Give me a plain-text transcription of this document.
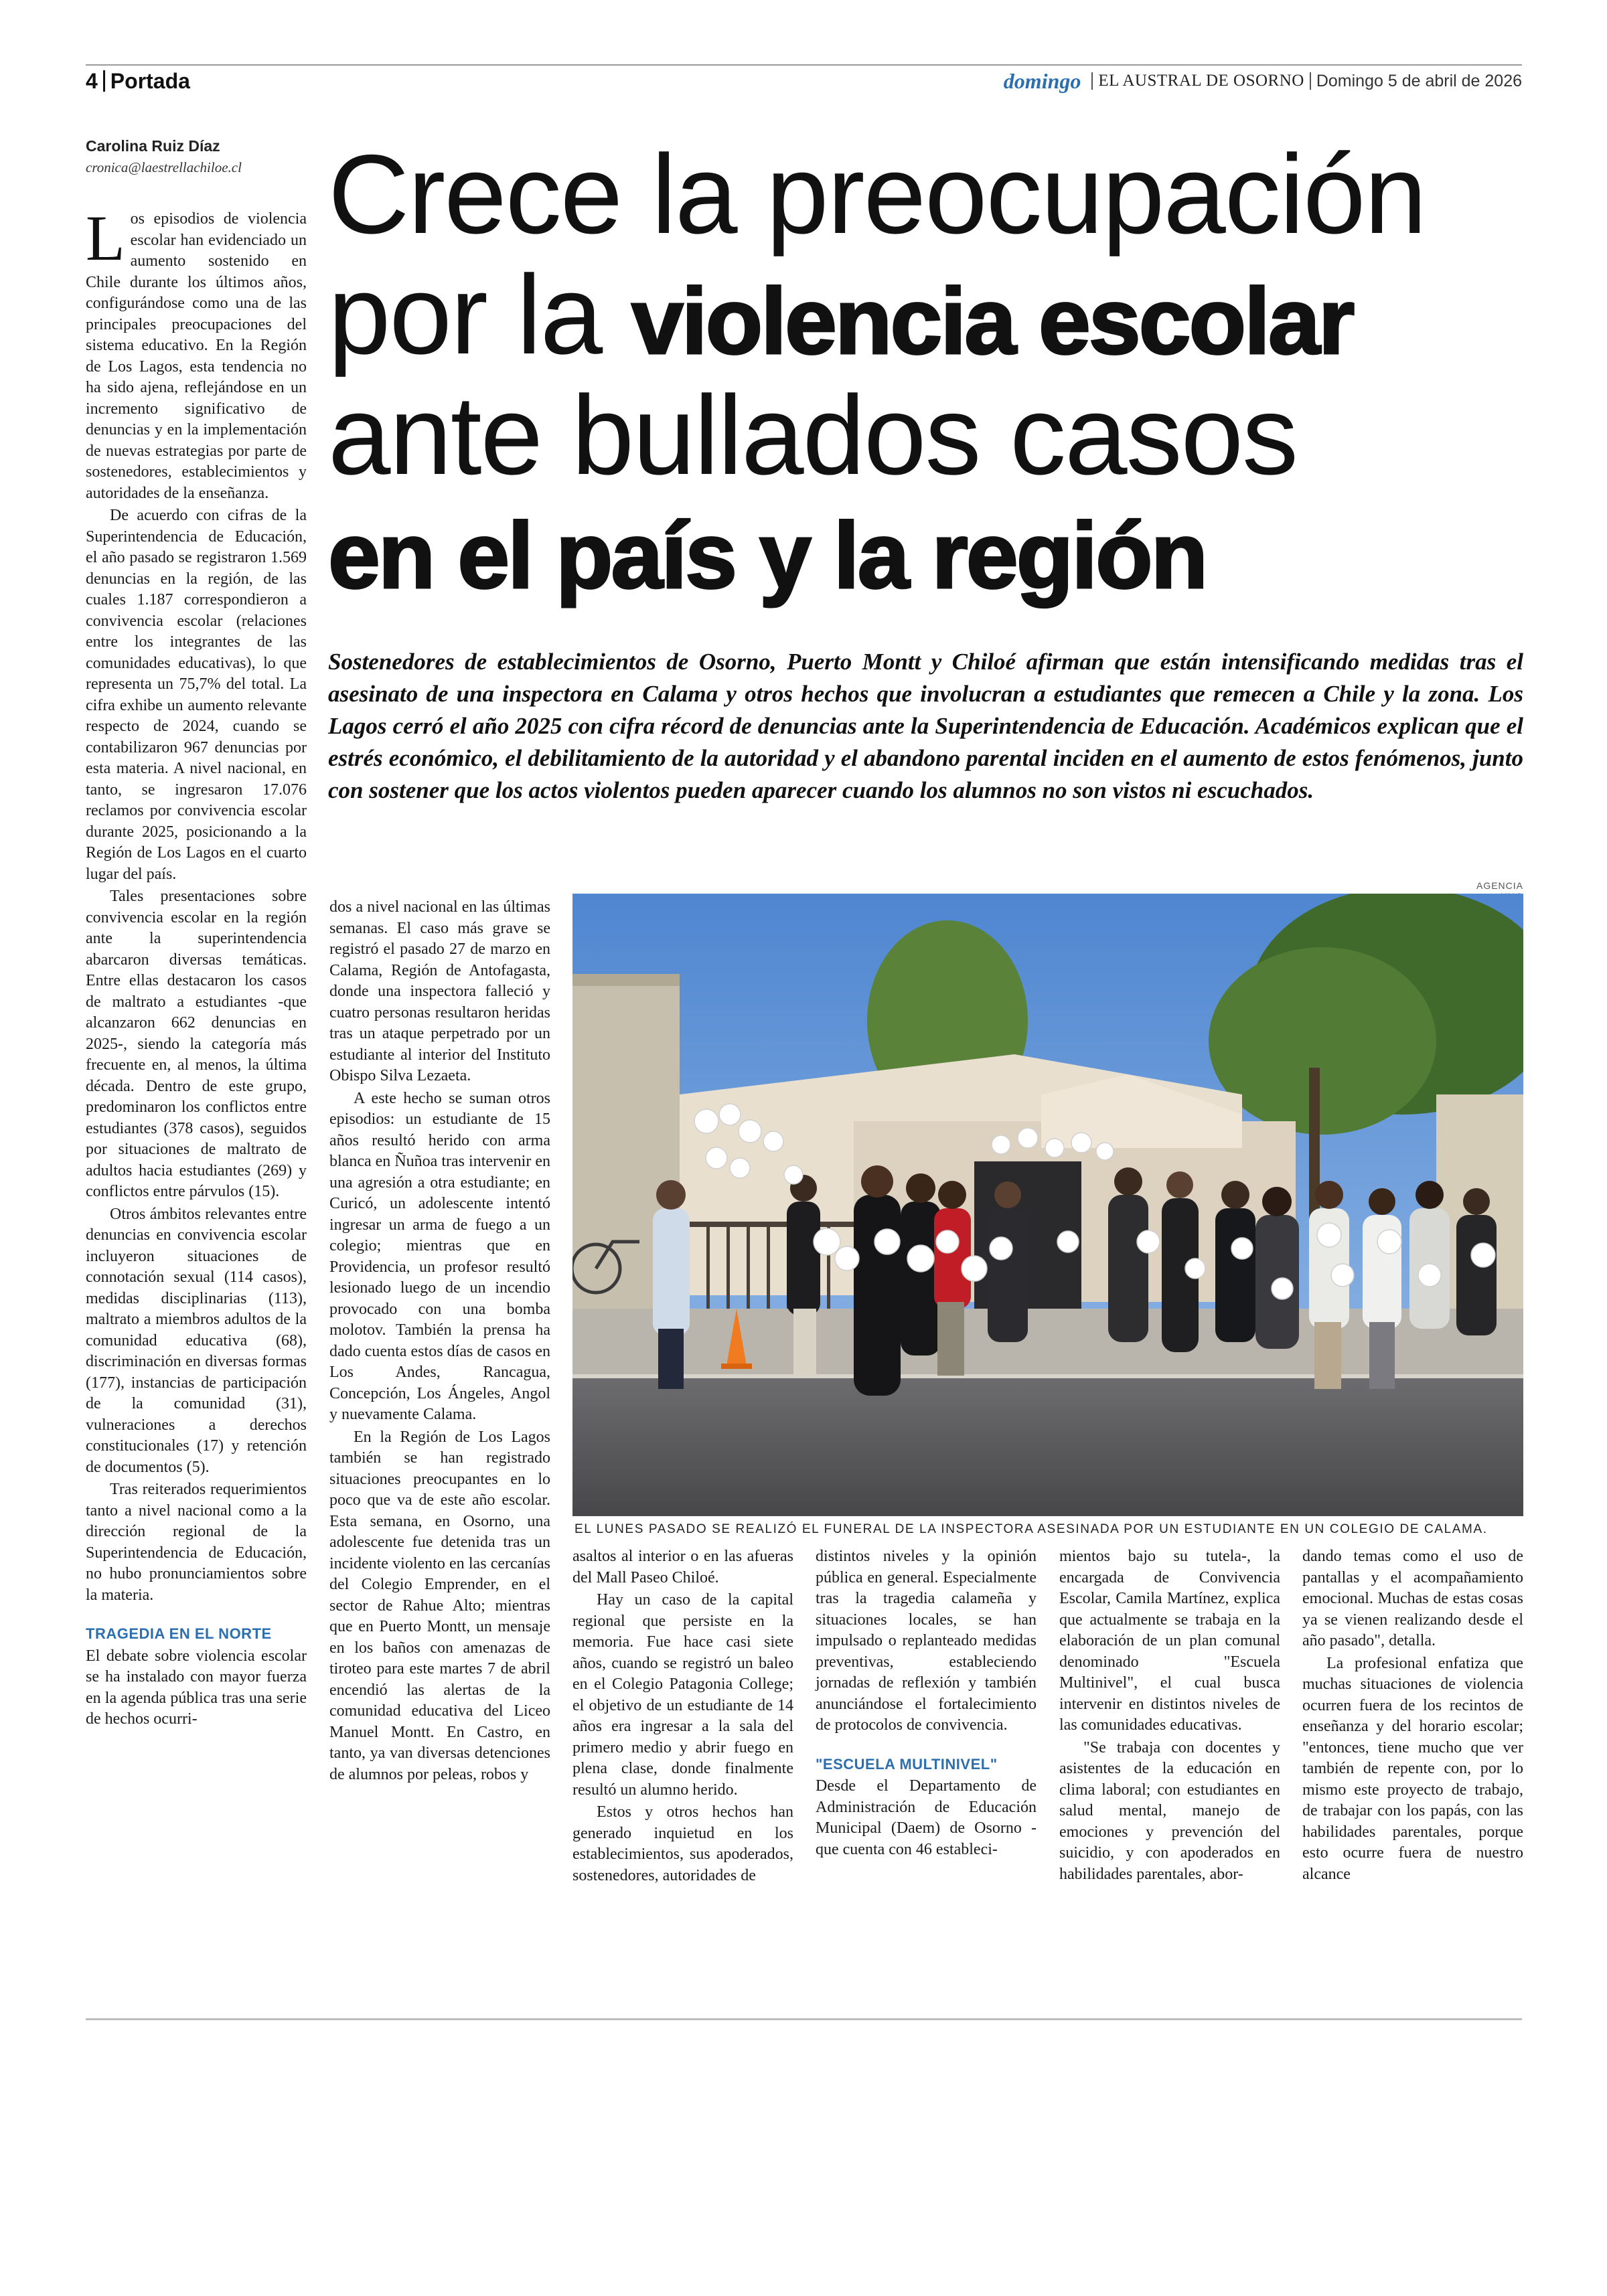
4 Portada	domingo EL AUSTRAL DE OSORNO Domingo 5 de abril de 2026
Carolina Ruiz Díaz
cronica@laestrellachiloe.cl Crece la preocupación
por la violencia escolar
ante bullados casos
en el país y la región

Sostenedores de establecimientos de Osorno, Puerto Montt y Chiloé afirman que están intensificando medidas tras el asesinato de una inspectora en Calama y otros hechos que involucran a estudiantes que remecen a Chile y la zona. Los Lagos cerró el año 2025 con cifra récord de denuncias ante la Superintendencia de Educación. Académicos explican que el estrés económico, el debilitamiento de la autoridad y el abandono parental inciden en el aumento de estos fenómenos, junto con sostener que los actos violentos pueden aparecer cuando los alumnos no son vistos ni escuchados.

AGENCIA
EL LUNES PASADO SE REALIZÓ EL FUNERAL DE LA INSPECTORA ASESINADA POR UN ESTUDIANTE EN UN COLEGIO DE CALAMA.

Los episodios de violencia escolar han evidenciado un aumento sostenido en Chile durante los últimos años, configurándose como una de las principales preocupaciones del sistema educativo. En la Región de Los Lagos, esta tendencia no ha sido ajena, reflejándose en un incremento significativo de denuncias y en la implementación de nuevas estrategias por parte de sostenedores, establecimientos y autoridades de la enseñanza.

De acuerdo con cifras de la Superintendencia de Educación, el año pasado se registraron 1.569 denuncias en la región, de las cuales 1.187 correspondieron a convivencia escolar (relaciones entre los integrantes de las comunidades educativas), lo que representa un 75,7% del total. La cifra exhibe un aumento relevante respecto de 2024, cuando se contabilizaron 967 denuncias por esta materia. A nivel nacional, en tanto, se ingresaron 17.076 reclamos por convivencia escolar durante 2025, posicionando a la Región de Los Lagos en el cuarto lugar del país.

Tales presentaciones sobre convivencia escolar en la región ante la superintendencia abarcaron diversas temáticas. Entre ellas destacaron los casos de maltrato a estudiantes -que alcanzaron 662 denuncias en 2025-, siendo la categoría más frecuente en, al menos, la última década. Dentro de este grupo, predominaron los conflictos entre estudiantes (378 casos), seguidos por situaciones de maltrato de adultos hacia estudiantes (269) y conflictos entre párvulos (15).

Otros ámbitos relevantes entre denuncias en convivencia escolar incluyeron situaciones de connotación sexual (114 casos), medidas disciplinarias (113), maltrato a miembros adultos de la comunidad educativa (68), discriminación en diversas formas (177), instancias de participación de la comunidad (31), vulneraciones a derechos constitucionales (17) y retención de documentos (5).

Tras reiterados requerimientos tanto a nivel nacional como a la dirección regional de la Superintendencia de Educación, no hubo pronunciamientos sobre la materia.

TRAGEDIA EN EL NORTE

El debate sobre violencia escolar se ha instalado con mayor fuerza en la agenda pública tras una serie de hechos ocurri-

dos a nivel nacional en las últimas semanas. El caso más grave se registró el pasado 27 de marzo en Calama, Región de Antofagasta, donde una inspectora falleció y cuatro personas resultaron heridas tras un ataque perpetrado por un estudiante al interior del Instituto Obispo Silva Lezaeta.

A este hecho se suman otros episodios: un estudiante de 15 años resultó herido con arma blanca en Ñuñoa tras intervenir en una agresión a otra estudiante; en Curicó, un adolescente intentó ingresar un arma de fuego a un colegio; mientras que en Providencia, un profesor resultó lesionado luego de un incendio provocado con una bomba molotov. También la prensa ha dado cuenta estos días de casos en Los Andes, Rancagua, Concepción, Los Ángeles, Angol y nuevamente Calama.

En la Región de Los Lagos también se han registrado situaciones preocupantes en lo poco que va de este año escolar. Esta semana, en Osorno, una adolescente fue detenida tras un incidente violento en las cercanías del Colegio Emprender, en el sector de Rahue Alto; mientras que en Puerto Montt, un mensaje en los baños con amenazas de tiroteo para este martes 7 de abril encendió las alertas de la comunidad educativa del Liceo Manuel Montt. En Castro, en tanto, ya van diversas detenciones de alumnos por peleas, robos y

asaltos al interior o en las afueras del Mall Paseo Chiloé.

Hay un caso de la capital regional que persiste en la memoria. Fue hace casi siete años, cuando se registró un baleo en el Colegio Patagonia College; el objetivo de un estudiante de 14 años era ingresar a la sala del primero medio y abrir fuego en plena clase, donde finalmente resultó un alumno herido.

Estos y otros hechos han generado inquietud en los establecimientos, sus apoderados, sostenedores, autoridades de

distintos niveles y la opinión pública en general. Especialmente tras la tragedia calameña y situaciones locales, se han impulsado o replanteado medidas preventivas, estableciendo jornadas de reflexión y también anunciándose el fortalecimiento de protocolos de convivencia.

"ESCUELA MULTINIVEL"

Desde el Departamento de Administración de Educación Municipal (Daem) de Osorno -que cuenta con 46 estableci-

mientos bajo su tutela-, la encargada de Convivencia Escolar, Camila Martínez, explica que actualmente se trabaja en la elaboración de un plan comunal denominado "Escuela Multinivel", el cual busca intervenir en distintos niveles de las comunidades educativas.

"Se trabaja con docentes y asistentes de la educación en clima laboral; con estudiantes en salud mental, manejo de emociones y prevención del suicidio, y con apoderados en habilidades parentales, abor-

dando temas como el uso de pantallas y el acompañamiento emocional. Muchas de estas cosas ya se vienen realizando desde el año pasado", detalla.

La profesional enfatiza que muchas situaciones de violencia ocurren fuera de los recintos de enseñanza y del horario escolar; "entonces, tiene mucho que ver también de repente con, por lo mismo este proyecto de trabajo, de trabajar con los papás, con las habilidades parentales, porque esto ocurre fuera de nuestro alcance
